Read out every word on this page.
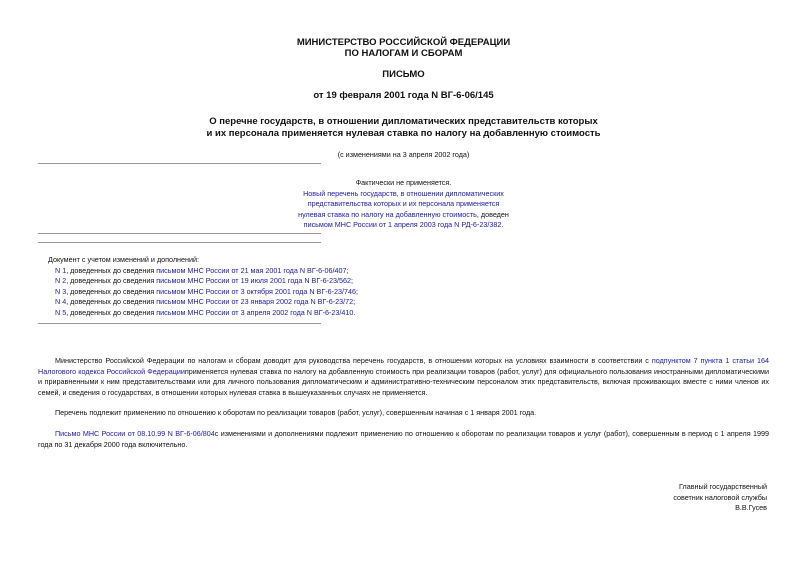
МИНИСТЕРСТВО РОССИЙСКОЙ ФЕДЕРАЦИИ
ПО НАЛОГАМ И СБОРАМ
ПИСЬМО
от 19 февраля 2001 года N ВГ-6-06/145
О перечне государств, в отношении дипломатических представительств которых
и их персонала применяется нулевая ставка по налогу на добавленную стоимость
(с изменениями на 3 апреля 2002 года)
Фактически не применяется.
Новый перечень государств, в отношении дипломатических
представительства которых и их персонала применяется
нулевая ставка по налогу на добавленную стоимость, доведен
письмом МНС России от 1 апреля 2003 года N РД-6-23/382.
Документ с учетом изменений и дополнений:
N 1, доведенных до сведения письмом МНС России от 21 мая 2001 года N ВГ-6-06/407;
N 2, доведенных до сведения письмом МНС России от 19 июля 2001 года N ВГ-6-23/562;
N 3, доведенных до сведения письмом МНС России от 3 октября 2001 года N ВГ-6-23/746;
N 4, доведенных до сведения письмом МНС России от 23 января 2002 года N ВГ-6-23/72;
N 5, доведенных до сведения письмом МНС России от 3 апреля 2002 года N ВГ-6-23/410.
Министерство Российской Федерации по налогам и сборам доводит для руководства перечень государств, в отношении которых на условиях взаимности в соответствии с подпунктом 7 пункта 1 статьи 164 Налогового кодекса Российской Федерацииприменяется нулевая ставка по налогу на добавленную стоимость при реализации товаров (работ, услуг) для официального пользования иностранными дипломатическими и приравненными к ним представительствами или для личного пользования дипломатическим и административно-техническим персоналом этих представительств, включая проживающих вместе с ними членов их семей, и сведения о государствах, в отношении которых нулевая ставка в вышеуказанных случаях не применяется.
Перечень подлежит применению по отношению к оборотам по реализации товаров (работ, услуг), совершенным начиная с 1 января 2001 года.
Письмо МНС России от 08.10.99 N ВГ-6-06/804с изменениями и дополнениями подлежит применению по отношению к оборотам по реализации товаров и услуг (работ), совершенным в период с 1 апреля 1999 года по 31 декабря 2000 года включительно.
Главный государственный
советник налоговой службы
В.В.Гусев
